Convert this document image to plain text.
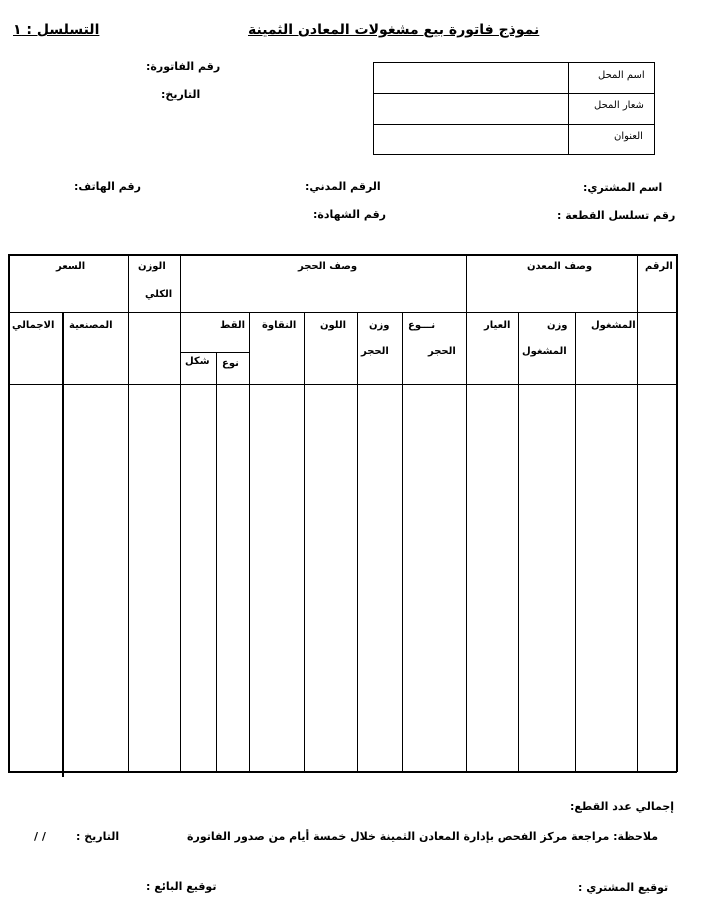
نموذج فاتورة بيع مشغولات المعادن الثمينة
التسلسل : ١
رقم الفاتورة:
التاريخ:
اسم المحل
شعار المحل
العنوان
اسم المشتري:
الرقم المدني:
رقم الهاتف:
رقم تسلسل القطعة :
رقم الشهادة:
الرقم
وصف المعدن
وصف الحجر
الوزن
الكلي
السعر
المشغول
وزن
المشغول
العيار
نـــوع
الحجر
وزن
الحجر
اللون
النقاوة
القط
نوع
شكل
المصنعية
الاجمالي
إجمالي عدد القطع:
ملاحظة: مراجعة مركز الفحص بإدارة المعادن الثمينة خلال خمسة أيام من صدور الفاتورة
التاريخ :
/ /
توقيع المشتري :
توقيع البائع :
